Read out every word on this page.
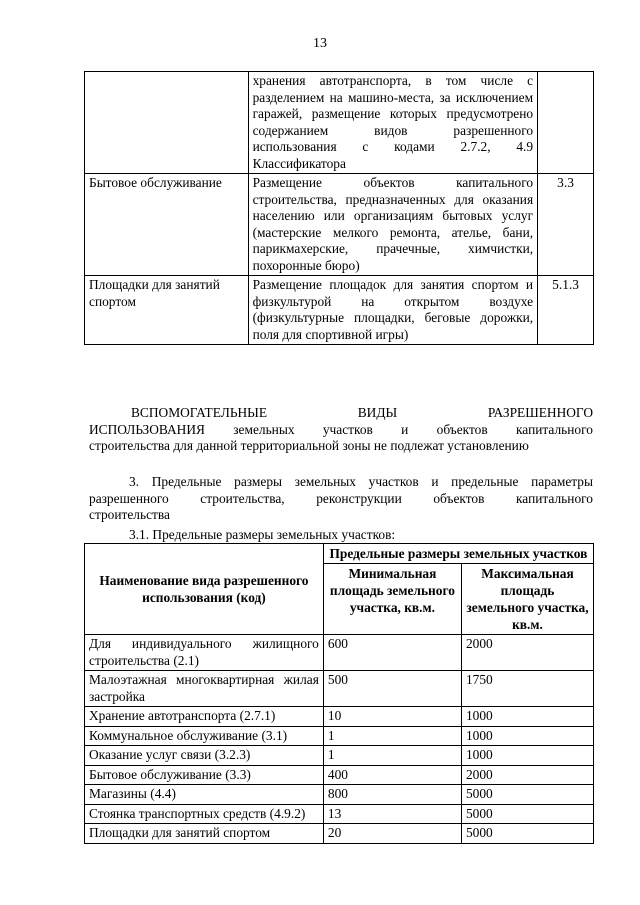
13
	хранения автотранспорта, в том числе с разделением на машино-места, за исключением гаражей, размещение которых предусмотрено содержанием видов разрешенного использования с кодами 2.7.2, 4.9 Классификатора	
Бытовое обслуживание	Размещение объектов капитального строительства, предназначенных для оказания населению или организациям бытовых услуг (мастерские мелкого ремонта, ателье, бани, парикмахерские, прачечные, химчистки, похоронные бюро)	3.3
Площадки для занятий спортом	Размещение площадок для занятия спортом и физкультурой на открытом воздухе (физкультурные площадки, беговые дорожки, поля для спортивной игры)	5.1.3
ВСПОМОГАТЕЛЬНЫЕ	ВИДЫ	РАЗРЕШЕННОГО
ИСПОЛЬЗОВАНИЯ земельных участков и объектов капитального
строительства для данной территориальной зоны не подлежат установлению
3. Предельные размеры земельных участков и предельные параметры
разрешенного строительства, реконструкции объектов капитального
строительства
3.1. Предельные размеры земельных участков:
Наименование вида разрешенного использования (код)	Предельные размеры земельных участков	
	Минимальная площадь земельного участка, кв.м.	Максимальная площадь земельного участка, кв.м.
Для индивидуального жилищного строительства (2.1)	600	2000
Малоэтажная многоквартирная жилая застройка	500	1750
Хранение автотранспорта (2.7.1)	10	1000
Коммунальное обслуживание (3.1)	1	1000
Оказание услуг связи (3.2.3)	1	1000
Бытовое обслуживание (3.3)	400	2000
Магазины (4.4)	800	5000
Стоянка транспортных средств (4.9.2)	13	5000
Площадки для занятий спортом	20	5000
